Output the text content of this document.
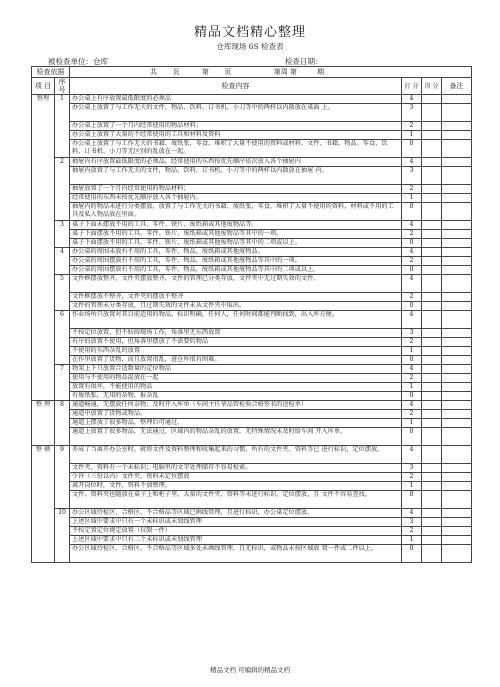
精品文档精心整理
仓库现场 6S 检查表
被检查单位：仓库	检查日期：
检查依据		共 页 第 页 第周 第 期			
项 目	序 号	检查内容	打 分	得 分	备注
整理	1	办公桌上有序放置最低限度的必须品	4		
		办公桌上放置了与工作无关的文件、物品、饮料、订书机、小刀等中的两样以内散放在桌面 上。	3		
		办公桌上放置了一个月内经常使用的物品材料；	2		
		办公桌上放置了大量的不经常使用的工具和材料及资料	1		
		办公桌上放置了与工作无关的书籍、废纸张，零食，堆积了大量不使用的资料或材料、文件、书籍、物品、零食、饮料、订书机、小刀等无区别的乱放在一起。	0		
	2	抽屉内有序放置最低限度的必须品，经常使用的东西按优先顺序依次放入各个抽屉内	4		
		抽屉内放置了与工作无关的文件，物品，饮料，订书机、小刀等中的两样以内散放在抽屉 内。	3		
		抽屉放置了一个月内经常使用的物品材料；	2		
		经常使用的东西未按优先顺序放入各个抽屉内。	1		
		抽屉内的物品未进行分类摆放，放置了与工作无关的书籍、废纸张，零食，堆积了大量不使用的资料，材料或不用的工具及私人物品放在里面。	0		
	3	桌子下面未摆放不用的工具、零件、铁片、废纸箱或其他废物品等。	4		
		桌子下面摆放不用的工具、零件、铁片、废纸箱或其他废物品等其中的一项。	2		
		桌子下面摆放不用的工具、零件、铁片、废纸箱或其他废物品等其中的二项或以上。	0		
	4	办公桌的周围未放有不用的工具，零件，物品，废纸箱或其他废物品。	4		
		办公桌的周围摆放有不用的工具，零件，物品，废纸箱或其他废物品等其中的一项。	2		
		办公桌的周围摆放有不用的工具，零件，物品，废纸箱或其他废物品等其中的二项或以上。	0		
	5	文件框摆放整齐，文件夹摆放整齐，文件的管理已分类存放，文件夹中无过期失效的文件。	4		
		文件框摆放不整齐，文件夹的摆放不整齐	2		
		文件的管理未分类存放，且过期失效的文件未从文件夹中取出。	0		
	6	作业场所只放置对其目前适用的物品，标识明确，任何人，任何时间都能判断找到，出入库方便。	4		
		不按定位放置，但不妨碍现场工作，角落里无东西放置	3		
		有序的放置不使用，但角落里摆放了不需要的物品	2		
		不使用的东西杂乱的放置	1		
		在作里放置了货物，而且放置很乱，进仓库很有困难。	0		
	7	物架上下只放置合适数量的定位物品	4		
		使用与不使用的物品混放在一起	2		
		放置有损坏，不能使用的物品	1		
		有废纸张，无用的杂物，报杂乱	0		
整 理	8	通道畅通，无摆放任何杂物；及时开入库单（车间主任拿品管检验合格签名的送检单）	4		
		通道中放置了货物或物品。	2		
		通道上摆放了很多物品，整理后可通过，	1		
		通道上放置了很多物品，无法通过，区域内的物品杂乱的放置，无特殊情况未及时给车间 开入库单。	0		
整 顿	9	养成了当离开办公室时，就将文件及资料整理和收集起来的习惯，所有的文件夹、资料等已 进行标识，定位摆放。	4		
		文件夹、资料有一个未标识；电脑里的文字处理储存不容易检索。	3		
		少许（三份以内）文件夹、资料未定位摆放	2		
		离开岗位时，文件、资料不加整理。	1		
		文件、资料夹也随放在桌子上和柜子里，大量的文件夹、资料等未进行标识，定位摆放，且 文件不容易查找。	0		
	10	办公区域待检区、合格区、不合格品等区域已画线管理，且进行标识，办公桌定位摆放。	4		
		上述区域中要求中只有一个未标识或未划线管理	3		
		不按定置定位规定放置（仅限一件）	2		
		上述区域中要求中只有二个未标识或未划线管理	1		
		办公区域待检区、合格区、不合格品等区域多处未画线管理，且无标识，或物品未按区域放 置一件或二件以上。	0		
精品文档 可编辑的精品文档
